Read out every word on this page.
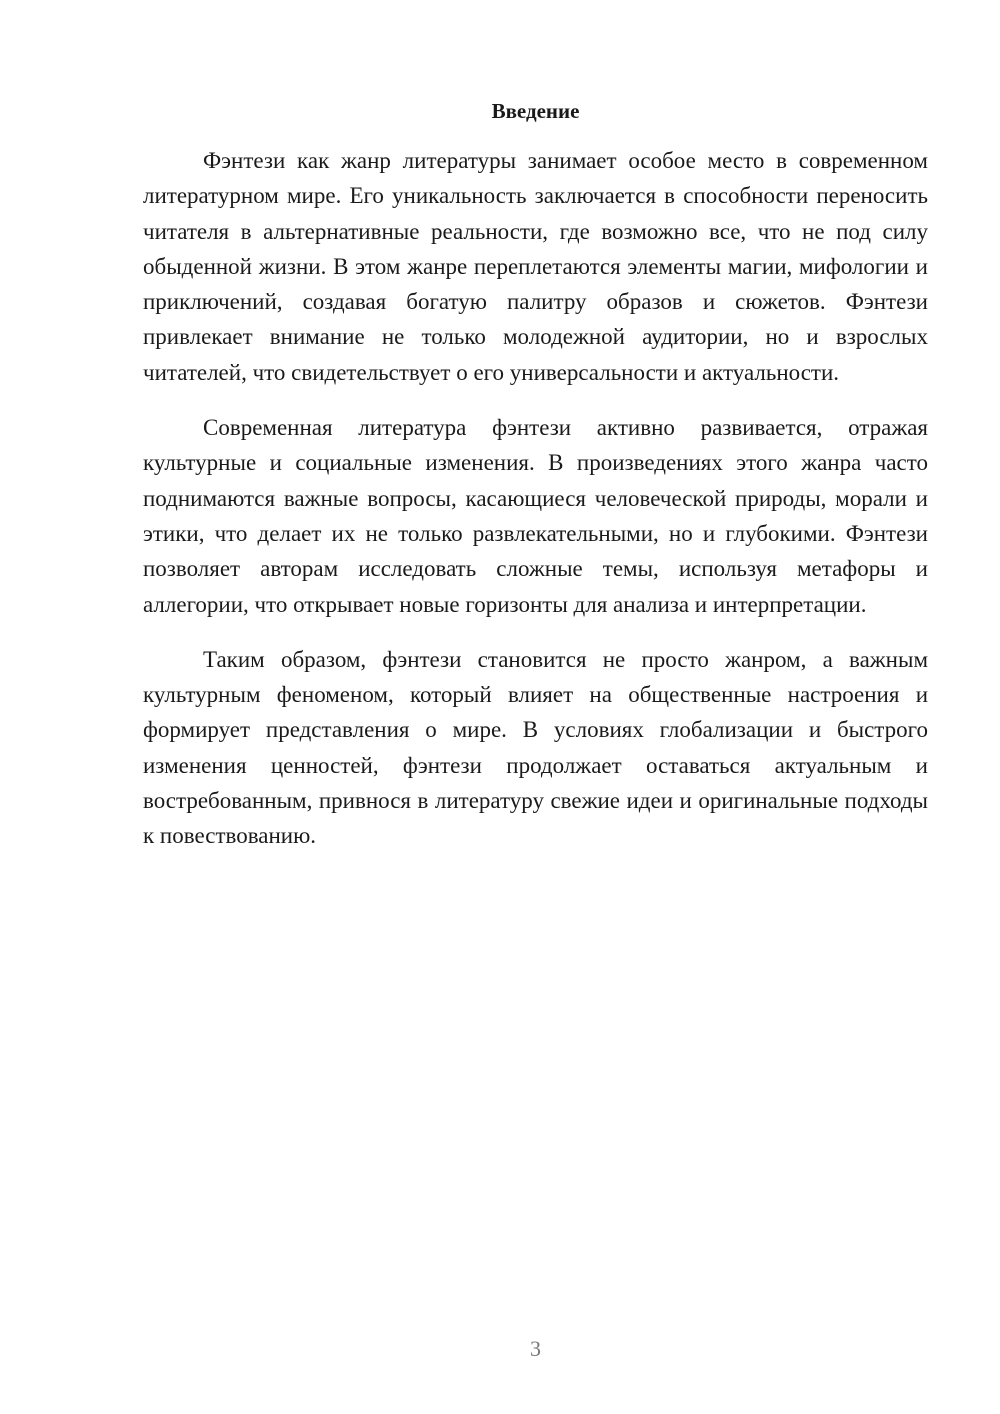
Введение

Фэнтези как жанр литературы занимает особое место в современном литературном мире. Его уникальность заключается в способности переносить читателя в альтернативные реальности, где возможно все, что не под силу обыденной жизни. В этом жанре переплетаются элементы магии, мифологии и приключений, создавая богатую палитру образов и сюжетов. Фэнтези привлекает внимание не только молодежной аудитории, но и взрослых читателей, что свидетельствует о его универсальности и актуальности.

Современная литература фэнтези активно развивается, отражая культурные и социальные изменения. В произведениях этого жанра часто поднимаются важные вопросы, касающиеся человеческой природы, морали и этики, что делает их не только развлекательными, но и глубокими. Фэнтези позволяет авторам исследовать сложные темы, используя метафоры и аллегории, что открывает новые горизонты для анализа и интерпретации.

Таким образом, фэнтези становится не просто жанром, а важным культурным феноменом, который влияет на общественные настроения и формирует представления о мире. В условиях глобализации и быстрого изменения ценностей, фэнтези продолжает оставаться актуальным и востребованным, привнося в литературу свежие идеи и оригинальные подходы к повествованию.

3
